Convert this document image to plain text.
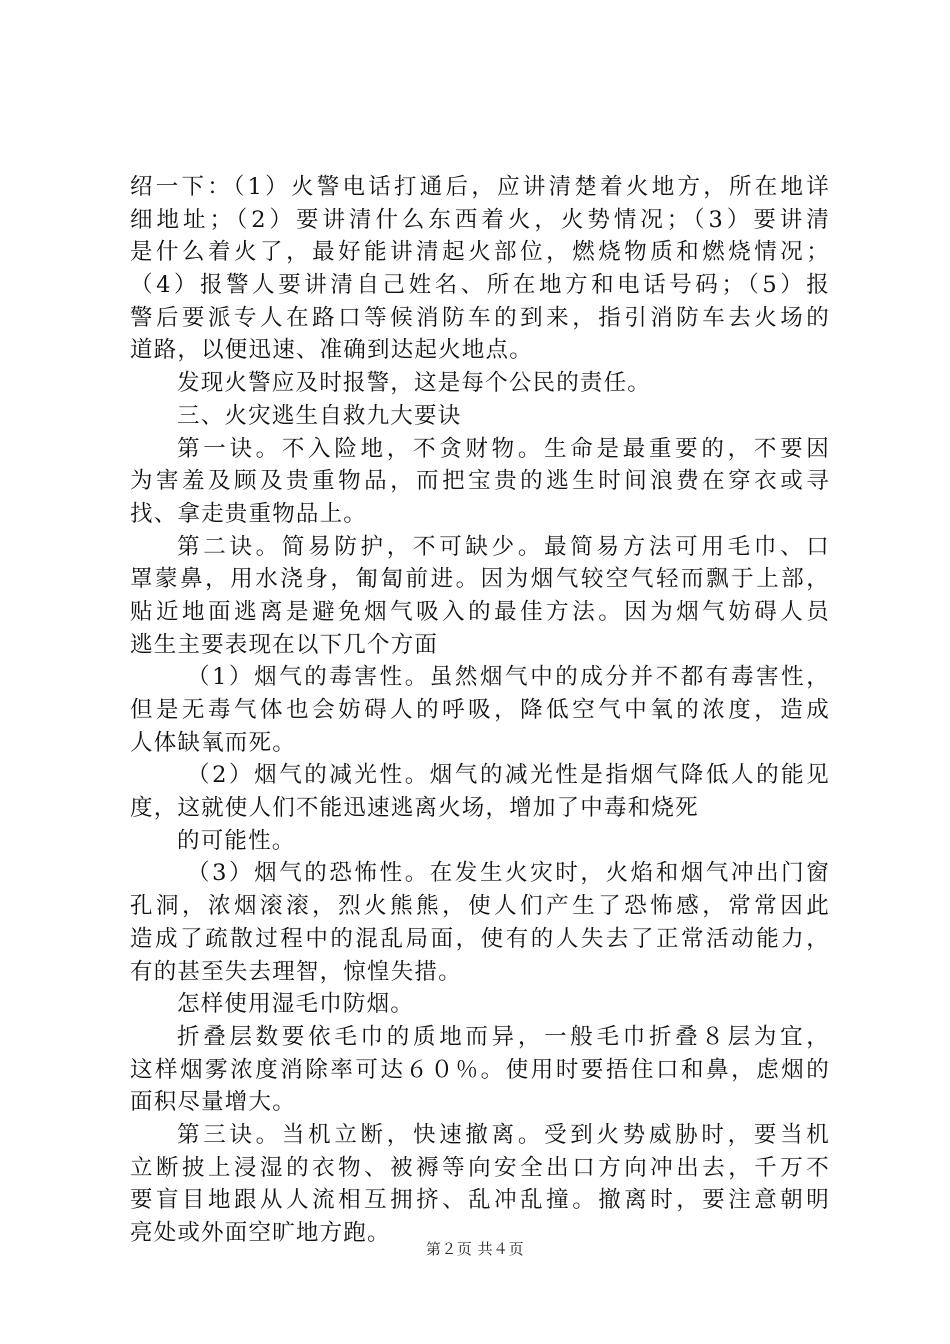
绍一下：（1）火警电话打通后，应讲清楚着火地方，所在地详
细地址；（2）要讲清什么东西着火，火势情况；（3）要讲清
是什么着火了，最好能讲清起火部位，燃烧物质和燃烧情况；
（4）报警人要讲清自己姓名、所在地方和电话号码；（5）报
警后要派专人在路口等候消防车的到来，指引消防车去火场的
道路，以便迅速、准确到达起火地点。
发现火警应及时报警，这是每个公民的责任。
三、火灾逃生自救九大要诀
第一诀。不入险地，不贪财物。生命是最重要的，不要因
为害羞及顾及贵重物品，而把宝贵的逃生时间浪费在穿衣或寻
找、拿走贵重物品上。
第二诀。简易防护，不可缺少。最简易方法可用毛巾、口
罩蒙鼻，用水浇身，匍匐前进。因为烟气较空气轻而飘于上部，
贴近地面逃离是避免烟气吸入的最佳方法。因为烟气妨碍人员
逃生主要表现在以下几个方面
（1）烟气的毒害性。虽然烟气中的成分并不都有毒害性，
但是无毒气体也会妨碍人的呼吸，降低空气中氧的浓度，造成
人体缺氧而死。
（2）烟气的减光性。烟气的减光性是指烟气降低人的能见
度，这就使人们不能迅速逃离火场，增加了中毒和烧死
的可能性。
（3）烟气的恐怖性。在发生火灾时，火焰和烟气冲出门窗
孔洞，浓烟滚滚，烈火熊熊，使人们产生了恐怖感，常常因此
造成了疏散过程中的混乱局面，使有的人失去了正常活动能力，
有的甚至失去理智，惊惶失措。
怎样使用湿毛巾防烟。
折叠层数要依毛巾的质地而异，一般毛巾折叠８层为宜，
这样烟雾浓度消除率可达６０％。使用时要捂住口和鼻，虑烟的
面积尽量增大。
第三诀。当机立断，快速撤离。受到火势威胁时，要当机
立断披上浸湿的衣物、被褥等向安全出口方向冲出去，千万不
要盲目地跟从人流相互拥挤、乱冲乱撞。撤离时，要注意朝明
亮处或外面空旷地方跑。
第２页 共４页
